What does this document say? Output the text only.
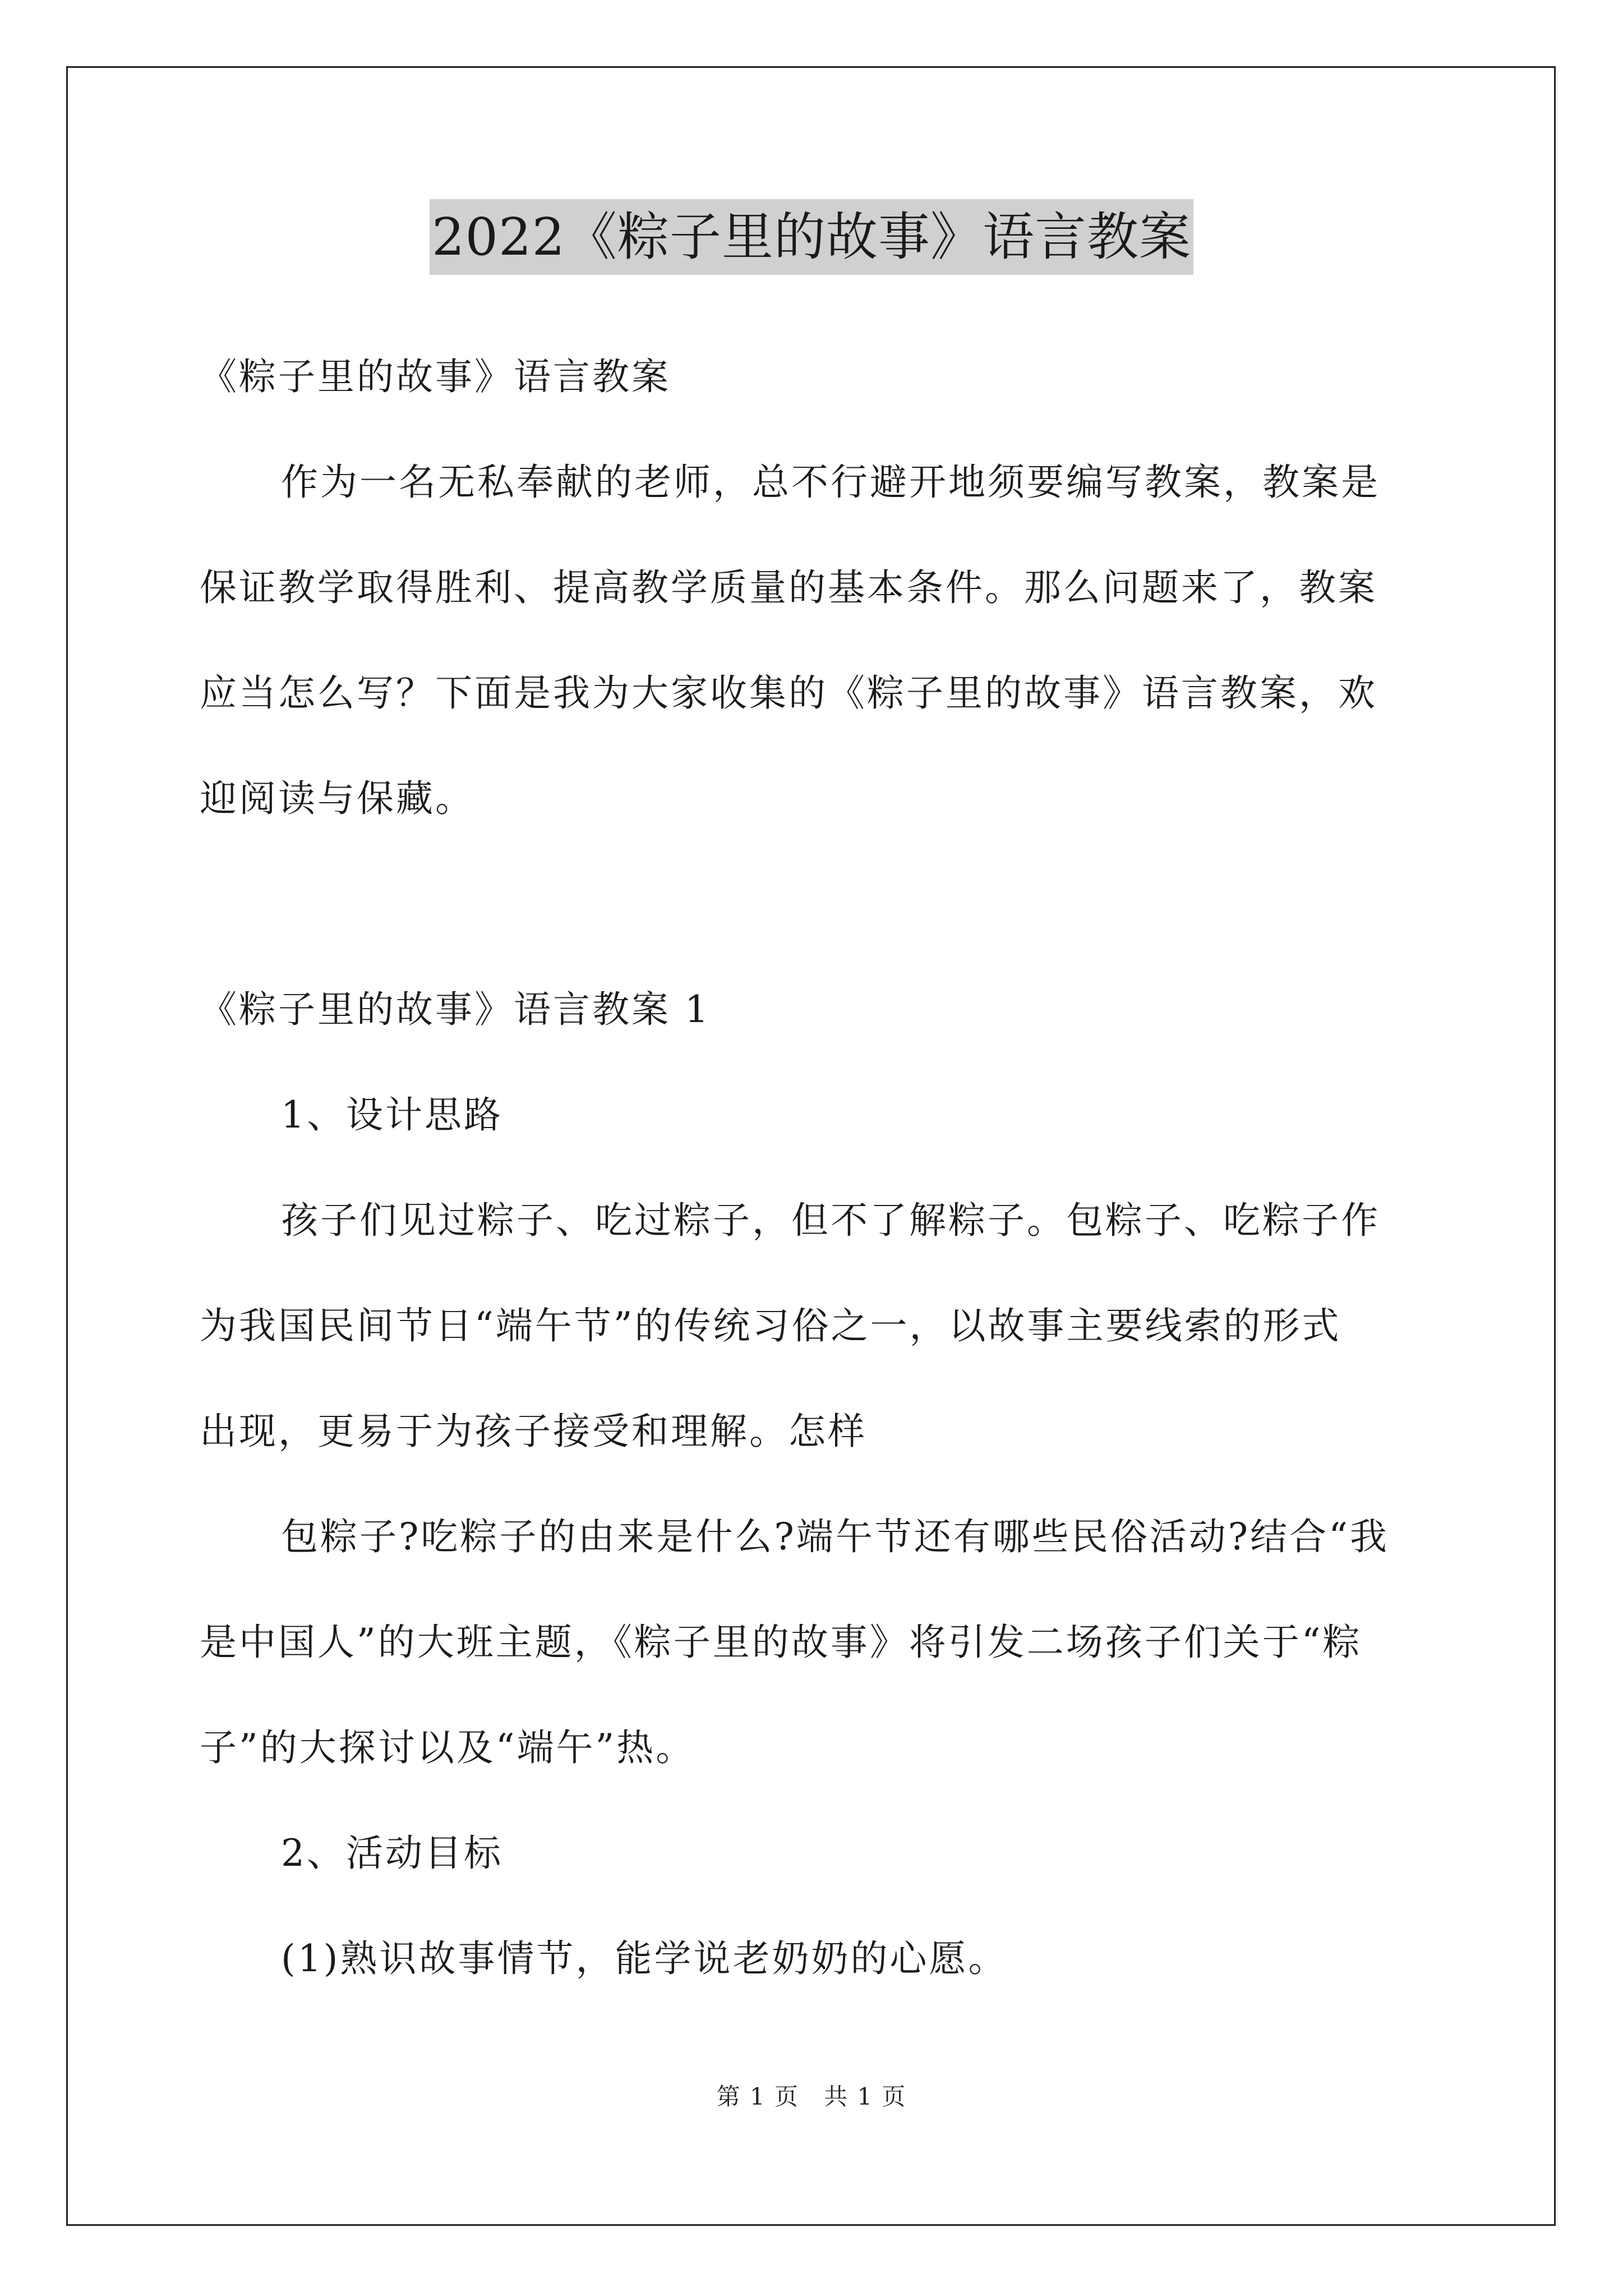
2022《粽子里的故事》语言教案
《粽子里的故事》语言教案
作为一名无私奉献的老师，总不行避开地须要编写教案，教案是
保证教学取得胜利、提高教学质量的基本条件。那么问题来了，教案
应当怎么写？下面是我为大家收集的《粽子里的故事》语言教案，欢
迎阅读与保藏。
《粽子里的故事》语言教案 1
1、设计思路
孩子们见过粽子、吃过粽子，但不了解粽子。包粽子、吃粽子作
为我国民间节日“端午节”的传统习俗之一，以故事主要线索的形式
出现，更易于为孩子接受和理解。怎样
包粽子?吃粽子的由来是什么?端午节还有哪些民俗活动?结合“我
是中国人”的大班主题，《粽子里的故事》将引发二场孩子们关于“粽
子”的大探讨以及“端午”热。
2、活动目标
(1)熟识故事情节，能学说老奶奶的心愿。
第 1 页　共 1 页
